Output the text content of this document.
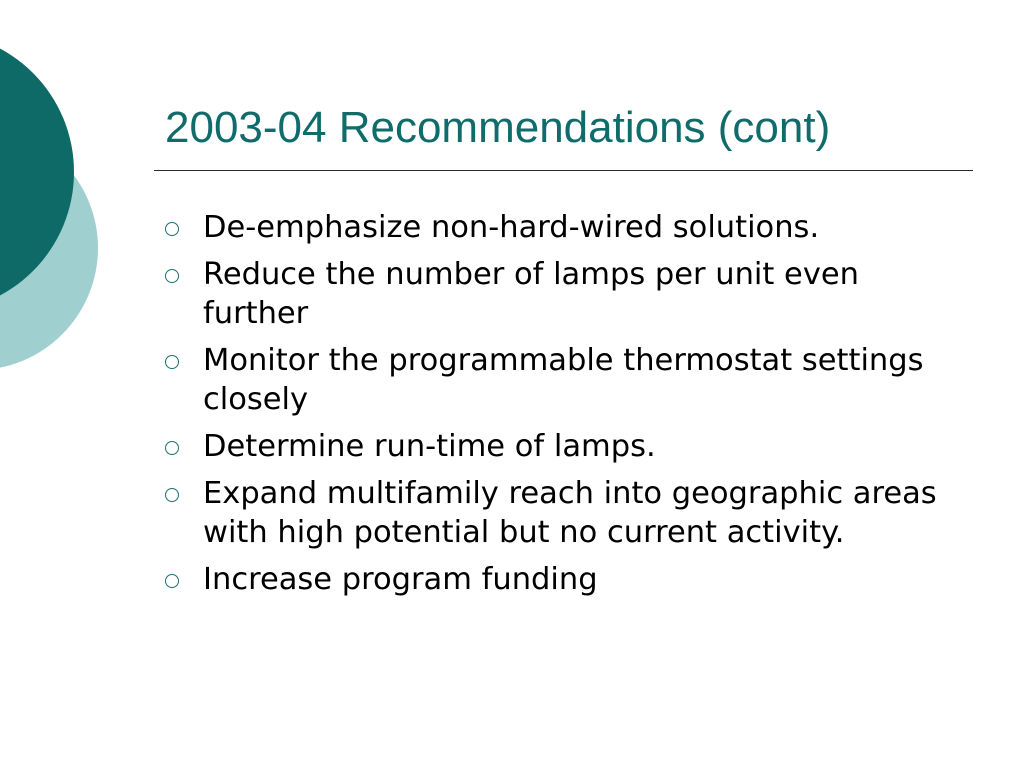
2003-04 Recommendations (cont)
De-emphasize non-hard-wired solutions.
Reduce the number of lamps per unit even further
Monitor the programmable thermostat settings closely
Determine run-time of lamps.
Expand multifamily reach into geographic areas with high potential but no current activity.
Increase program funding
